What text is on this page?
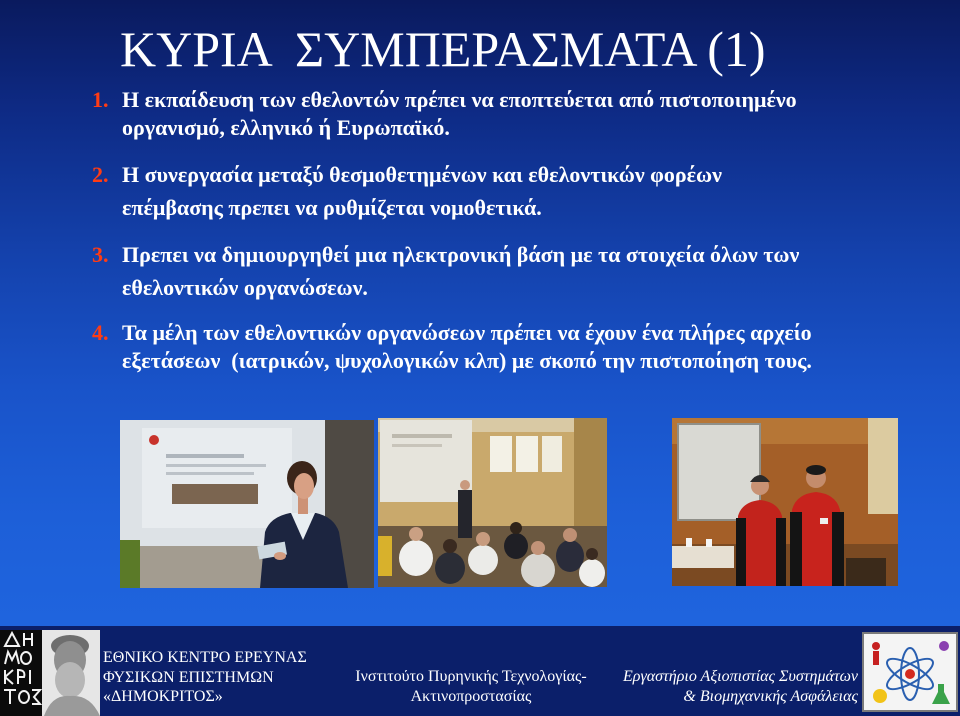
ΚΥΡΙΑ  ΣΥΜΠΕΡΑΣΜΑΤΑ (1)
1. Η εκπαίδευση των εθελοντών πρέπει να εποπτεύεται από πιστοποιημένο
οργανισμό, ελληνικό ή Ευρωπαϊκό.
2. Η συνεργασία μεταξύ θεσμοθετημένων και εθελοντικών φορέων
επέμβασης πρεπει να ρυθμίζεται νομοθετικά.
3. Πρεπει να δημιουργηθεί μια ηλεκτρονική βάση με τα στοιχεία όλων των
εθελοντικών οργανώσεων.
4. Τα μέλη των εθελοντικών οργανώσεων πρέπει να έχουν ένα πλήρες αρχείο
εξετάσεων  (ιατρικών, ψυχολογικών κλπ) με σκοπό την πιστοποίηση τους.
ΕΘΝΙΚΟ ΚΕΝΤΡΟ ΕΡΕΥΝΑΣ
ΦΥΣΙΚΩΝ ΕΠΙΣΤΗΜΩΝ
«ΔΗΜΟΚΡΙΤΟΣ»
Ινστιτούτο Πυρηνικής Τεχνολογίας-
Ακτινοπροστασίας
Εργαστήριο Αξιοπιστίας Συστημάτων
& Βιομηχανικής Ασφάλειας
